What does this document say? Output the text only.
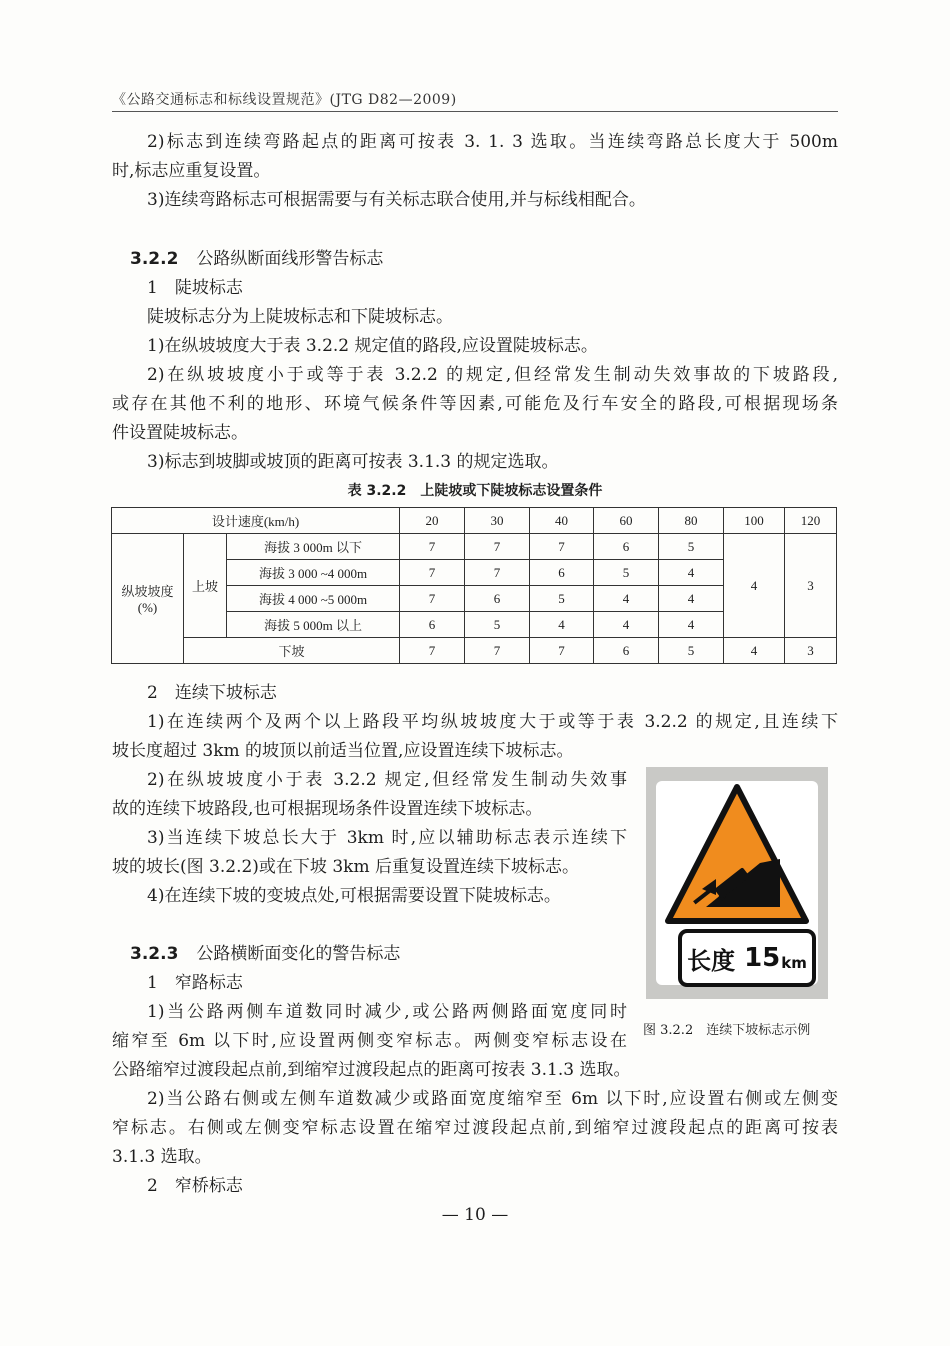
《公路交通标志和标线设置规范》(JTG D82—2009)
2)标志到连续弯路起点的距离可按表 3. 1. 3 选取。当连续弯路总长度大于 500m
时,标志应重复设置。
3)连续弯路标志可根据需要与有关标志联合使用,并与标线相配合。
3.2.2 公路纵断面线形警告标志
1　陡坡标志
陡坡标志分为上陡坡标志和下陡坡标志。
1)在纵坡坡度大于表 3.2.2 规定值的路段,应设置陡坡标志。
2)在纵坡坡度小于或等于表 3.2.2 的规定,但经常发生制动失效事故的下坡路段,
或存在其他不利的地形、环境气候条件等因素,可能危及行车安全的路段,可根据现场条
件设置陡坡标志。
3)标志到坡脚或坡顶的距离可按表 3.1.3 的规定选取。
表 3.2.2　上陡坡或下陡坡标志设置条件
设计速度(km/h)			20	30	40	60	80	100	120
纵坡坡度
(%)	上坡	海拔 3 000m 以下	7	7	7	6	5	4	3
		海拔 3 000 ~4 000m	7	7	6	5	4		
		海拔 4 000 ~5 000m	7	6	5	4	4		
		海拔 5 000m 以上	6	5	4	4	4		
	下坡		7	7	7	6	5	4	3
2　连续下坡标志
1)在连续两个及两个以上路段平均纵坡坡度大于或等于表 3.2.2 的规定,且连续下
坡长度超过 3km 的坡顶以前适当位置,应设置连续下坡标志。
2)在纵坡坡度小于表 3.2.2 规定,但经常发生制动失效事
故的连续下坡路段,也可根据现场条件设置连续下坡标志。
3)当连续下坡总长大于 3km 时,应以辅助标志表示连续下
坡的坡长(图 3.2.2)或在下坡 3km 后重复设置连续下坡标志。
4)在连续下坡的变坡点处,可根据需要设置下陡坡标志。
长度 15 km
图 3.2.2　连续下坡标志示例
3.2.3 公路横断面变化的警告标志
1　窄路标志
1)当公路两侧车道数同时减少,或公路两侧路面宽度同时
缩窄至 6m 以下时,应设置两侧变窄标志。两侧变窄标志设在
公路缩窄过渡段起点前,到缩窄过渡段起点的距离可按表 3.1.3 选取。
2)当公路右侧或左侧车道数减少或路面宽度缩窄至 6m 以下时,应设置右侧或左侧变
窄标志。右侧或左侧变窄标志设置在缩窄过渡段起点前,到缩窄过渡段起点的距离可按表
3.1.3 选取。
2　窄桥标志
— 10 —
